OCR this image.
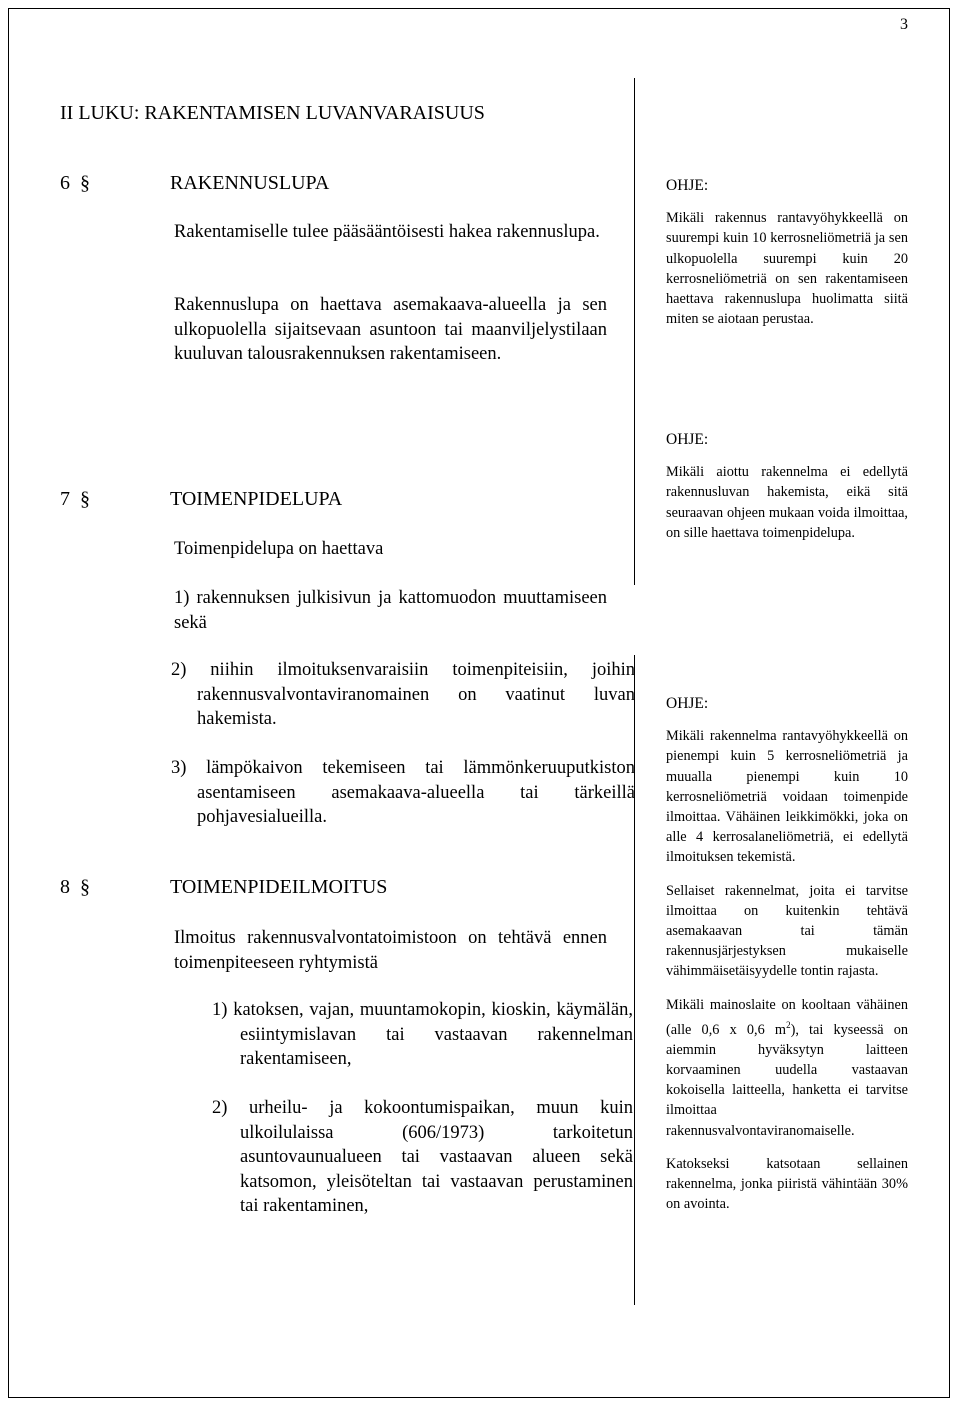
3
II LUKU: RAKENTAMISEN LUVANVARAISUUS
6 §	RAKENNUSLUPA
Rakentamiselle tulee pääsääntöisesti hakea rakennuslupa.
Rakennuslupa on haettava asemakaava-alueella ja sen ulkopuolella sijaitsevaan asuntoon tai maanviljelystilaan kuuluvan talousrakennuksen rakentamiseen.
OHJE:

Mikäli rakennus rantavyöhykkeellä on suurempi kuin 10 kerrosneliömetriä ja sen ulkopuolella suurempi kuin 20 kerrosneliömetriä on sen rakentamiseen haettava rakennuslupa huolimatta siitä miten se aiotaan perustaa.

OHJE:

Mikäli aiottu rakennelma ei edellytä rakennusluvan hakemista, eikä sitä seuraavan ohjeen mukaan voida ilmoittaa, on sille haettava toimenpidelupa.

7 §	TOIMENPIDELUPA
Toimenpidelupa on haettava
1) rakennuksen julkisivun ja kattomuodon muuttamiseen sekä
2) niihin ilmoituksenvaraisiin toimenpiteisiin, joihin rakennusvalvontaviranomainen on vaatinut luvan hakemista.
3) lämpökaivon tekemiseen tai lämmönkeruuputkiston asentamiseen asemakaava-alueella tai tärkeillä pohjavesialueilla.
8 §	TOIMENPIDEILMOITUS
Ilmoitus rakennusvalvontatoimistoon on tehtävä ennen toimenpiteeseen ryhtymistä
1) katoksen, vajan, muuntamokopin, kioskin, käymälän, esiintymislavan tai vastaavan rakennelman rakentamiseen,
2) urheilu- ja kokoontumispaikan, muun kuin ulkoilulaissa (606/1973) tarkoitetun asuntovaunualueen tai vastaavan alueen sekä katsomon, yleisöteltan tai vastaavan perustaminen tai rakentaminen,
OHJE:

Mikäli rakennelma rantavyöhykkeellä on pienempi kuin 5 kerrosneliömetriä ja muualla pienempi kuin 10 kerrosneliömetriä voidaan toimenpide ilmoittaa. Vähäinen leikkimökki, joka on alle 4 kerrosalaneliömetriä, ei edellytä ilmoituksen tekemistä.

Sellaiset rakennelmat, joita ei tarvitse ilmoittaa on kuitenkin tehtävä asemakaavan tai tämän rakennusjärjestyksen mukaiselle vähimmäisetäisyydelle tontin rajasta.

Mikäli mainoslaite on kooltaan vähäinen (alle 0,6 x 0,6 $m^2$), tai kyseessä on aiemmin hyväksytyn laitteen korvaaminen uudella vastaavan kokoisella laitteella, hanketta ei tarvitse ilmoittaa rakennusvalvontaviranomaiselle.

Katokseksi katsotaan sellainen rakennelma, jonka piiristä vähintään 30% on avointa.
